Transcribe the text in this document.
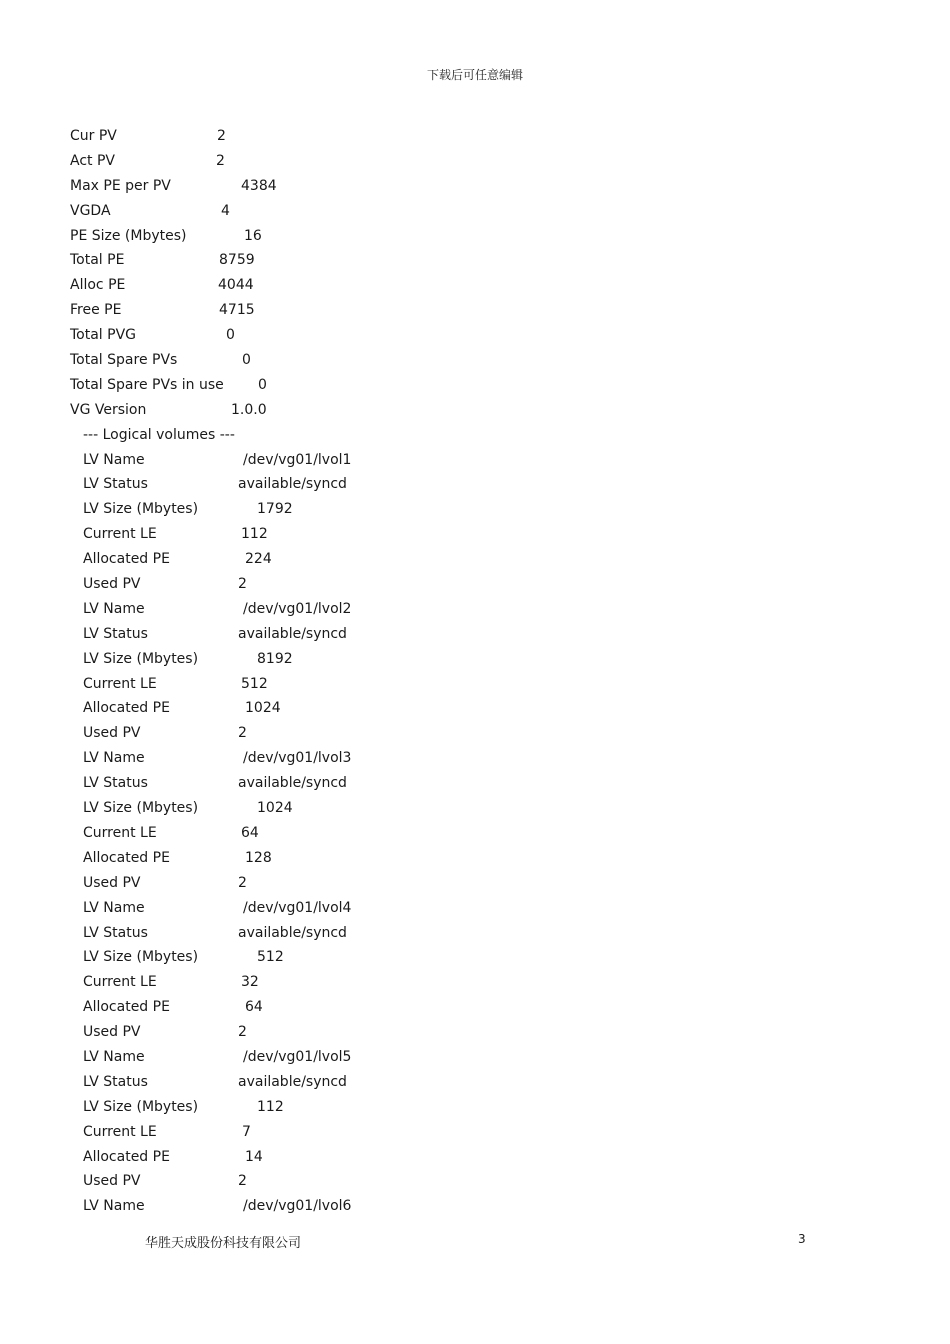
下载后可任意编辑
Cur PV	2
Act PV	2
Max PE per PV	4384
VGDA	4
PE Size (Mbytes)	16
Total PE	8759
Alloc PE	4044
Free PE	4715
Total PVG	0
Total Spare PVs	0
Total Spare PVs in use 0
VG Version	1.0.0
--- Logical volumes ---
LV Name	/dev/vg01/lvol1
LV Status	available/syncd
LV Size (Mbytes)	1792
Current LE	112
Allocated PE	224
Used PV	2
LV Name	/dev/vg01/lvol2
LV Status	available/syncd
LV Size (Mbytes)	8192
Current LE	512
Allocated PE	1024
Used PV	2
LV Name	/dev/vg01/lvol3
LV Status	available/syncd
LV Size (Mbytes)	1024
Current LE	64
Allocated PE	128
Used PV	2
LV Name	/dev/vg01/lvol4
LV Status	available/syncd
LV Size (Mbytes)	512
Current LE	32
Allocated PE	64
Used PV	2
LV Name	/dev/vg01/lvol5
LV Status	available/syncd
LV Size (Mbytes)	112
Current LE	7
Allocated PE	14
Used PV	2
LV Name	/dev/vg01/lvol6
华胜天成股份科技有限公司	3
